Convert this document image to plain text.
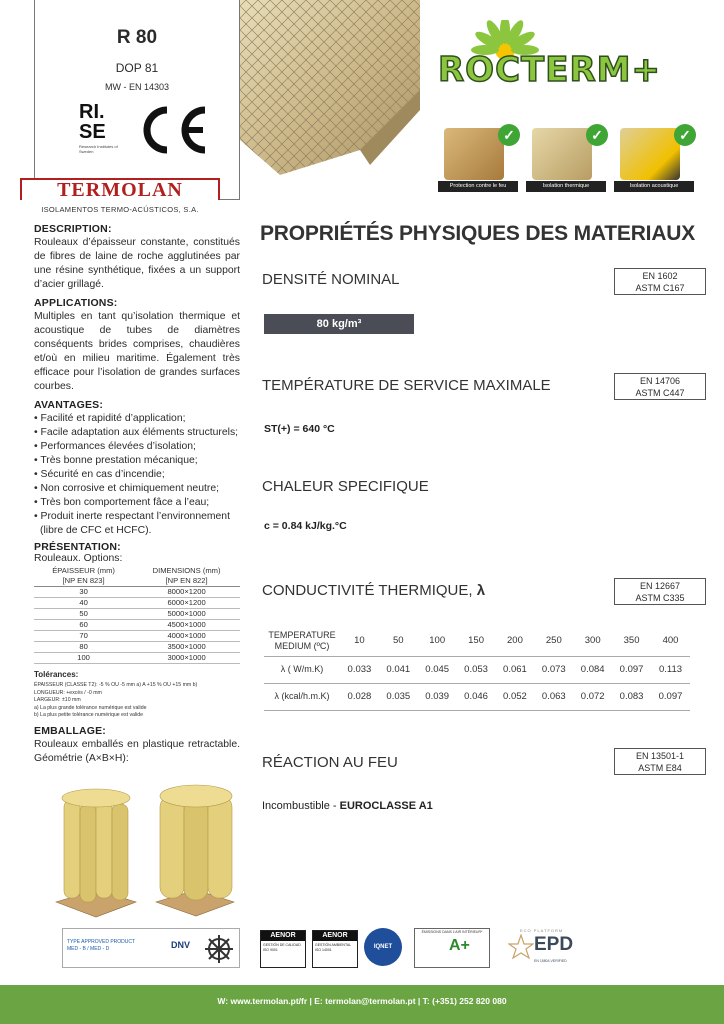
R 80
DOP 81
MW - EN 14303
RI.
SE
Research Institutes of Sweden
TERMOLAN
ISOLAMENTOS TERMO-ACÚSTICOS, S.A.
ROCTERM+
✓
Protection contre le feu
✓
Isolation thermique
✓
Isolation acoustique
DESCRIPTION:
Rouleaux d’épaisseur constante, constitués de fibres de laine de roche agglutinées par une résine synthétique, fixées a un support d’acier grillagé.
APPLICATIONS:
Multiples en tant qu’isolation thermique et acoustique de tubes de diamètres conséquents brides comprises, chaudières et/où en milieu maritime. Également très efficace pour l’isolation de grandes surfaces courbes.
AVANTAGES:
• Facilité et rapidité d’application;
• Facile adaptation aux éléments structurels;
• Performances élevées d’isolation;
• Très bonne prestation mécanique;
• Sécurité en cas d’incendie;
• Non corrosive et chimiquement neutre;
• Très bon comportement fâce a l’eau;
• Produit inerte respectant l’environnement (libre de CFC et HCFC).
PRÉSENTATION:
Rouleaux. Options:
ÉPAISSEUR (mm)
[NP EN 823]	DIMENSIONS (mm)
[NP EN 822]
30	8000×1200
40	6000×1200
50	5000×1000
60	4500×1000
70	4000×1000
80	3500×1000
100	3000×1000
Tolérances:
ÉPAISSEUR (CLASSE T2): -5 % OU -5 mm a) A +15 % OU +15 mm b)
LONGUEUR: +excès / -0 mm
LARGEUR: ±10 mm
a) La plus grande tolérance numérique est valide
b) La plus petite tolérance numérique est valide
EMBALLAGE:
Rouleaux emballés en plastique retractable. Géométrie (A×B×H):
TYPE APPROVED PRODUCT
MED - B / MED - D	DNV
PROPRIÉTÉS PHYSIQUES DES MATERIAUX
DENSITÉ NOMINAL	EN 1602
ASTM C167
80 kg/m³
TEMPÉRATURE DE SERVICE MAXIMALE	EN 14706
ASTM C447
ST(+) = 640 °C
CHALEUR SPECIFIQUE
c = 0.84 kJ/kg.°C
CONDUCTIVITÉ THERMIQUE, λ	EN 12667
ASTM C335
TEMPERATURE
MEDIUM (ºC)	10	50	100	150	200	250	300	350	400
λ ( W/m.K)	0.033	0.041	0.045	0.053	0.061	0.073	0.084	0.097	0.113
λ (kcal/h.m.K)	0.028	0.035	0.039	0.046	0.052	0.063	0.072	0.083	0.097
RÉACTION AU FEU	EN 13501-1
ASTM E84
Incombustible - EUROCLASSE A1
AENOR
GESTIÓN DE CALIDAD ISO 9001
AENOR
GESTIÓN AMBIENTAL ISO 14001	IQNET
ÉMISSIONS DANS L’AIR INTÉRIEUR*
A+
ECO PLATFORM
EPD
EN 15804 VERIFIED
W: www.termolan.pt/fr | E: termolan@termolan.pt | T: (+351) 252 820 080
